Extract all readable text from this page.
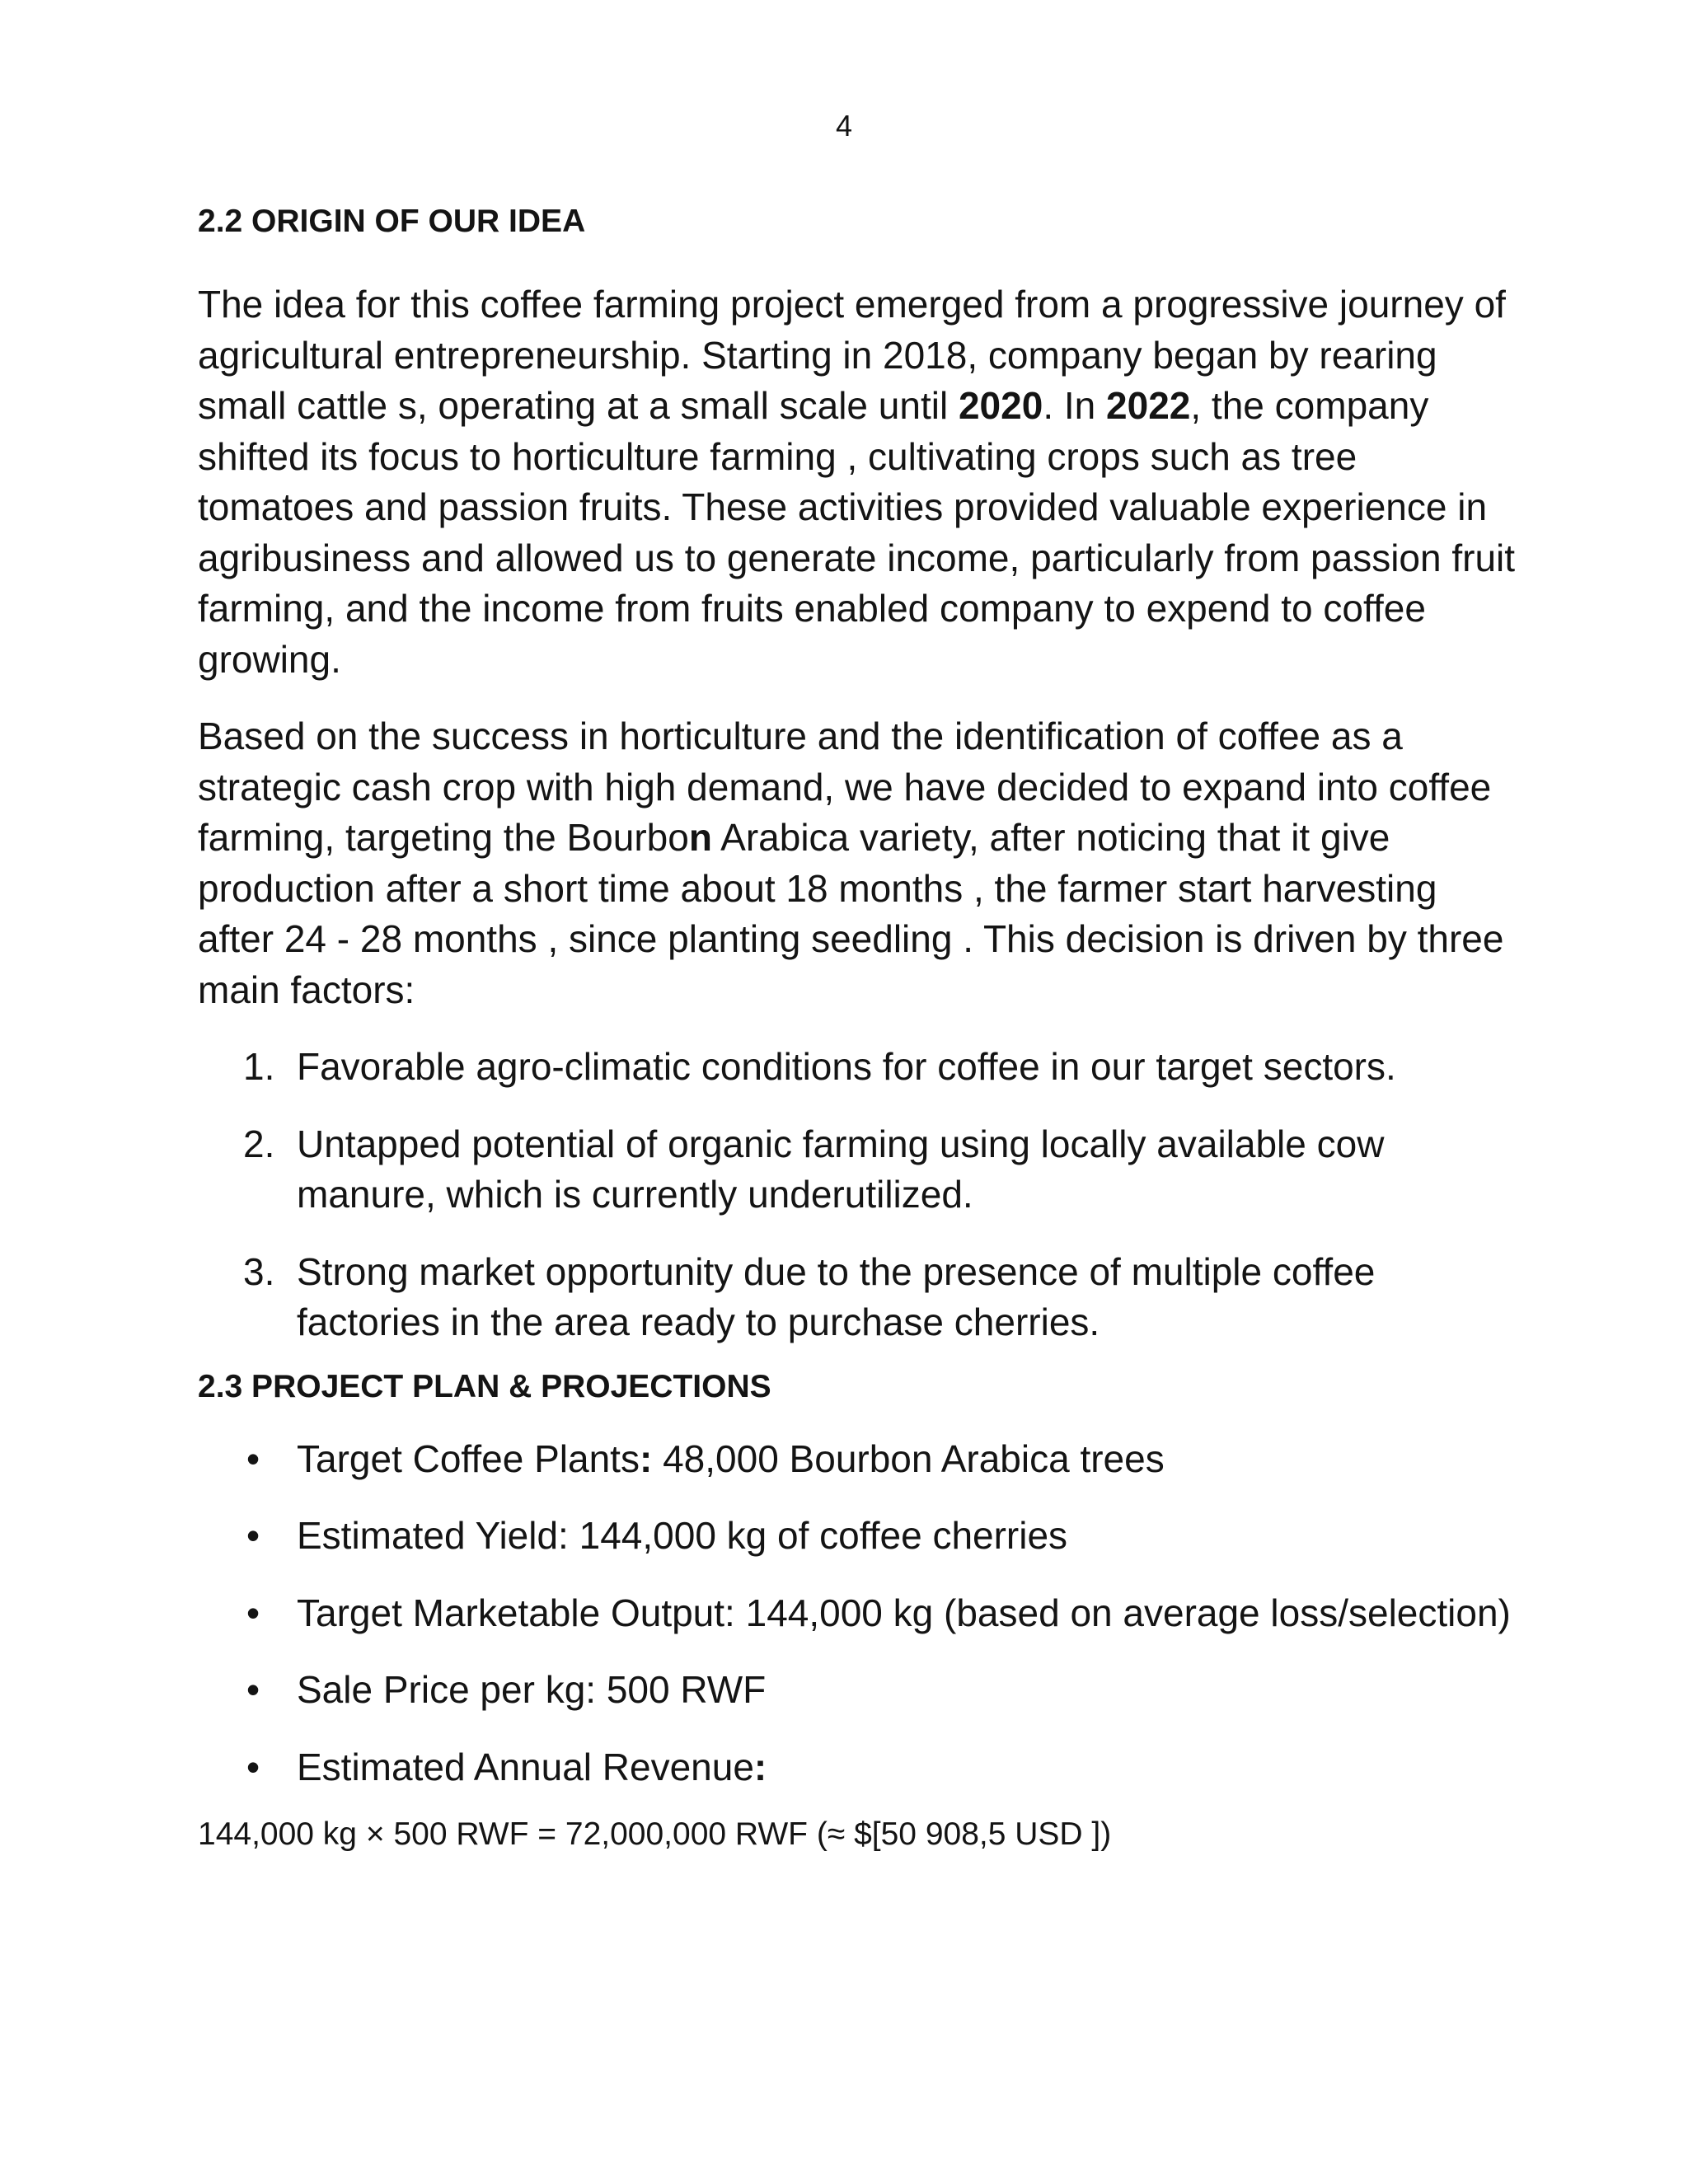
4
2.2 ORIGIN OF OUR IDEA

The idea for this coffee farming project emerged from a progressive journey of agricultural entrepreneurship. Starting in 2018, company began by rearing small cattle s, operating at a small scale until 2020. In 2022, the company shifted its focus to horticulture farming , cultivating crops such as tree tomatoes and passion fruits. These activities provided valuable experience in agribusiness and allowed us to generate income, particularly from passion fruit farming, and the income from fruits enabled company to expend to coffee growing.

Based on the success in horticulture and the identification of coffee as a strategic cash crop with high demand, we have decided to expand into coffee farming, targeting the Bourbon Arabica variety, after noticing that it give production after a short time about 18 months , the farmer start harvesting after 24 - 28 months , since planting seedling . This decision is driven by three main factors:

1. Favorable agro-climatic conditions for coffee in our target sectors.
2. Untapped potential of organic farming using locally available cow manure, which is currently underutilized.
3. Strong market opportunity due to the presence of multiple coffee factories in the area ready to purchase cherries.
2.3 PROJECT PLAN & PROJECTIONS
• Target Coffee Plants: 48,000 Bourbon Arabica trees
• Estimated Yield: 144,000 kg of coffee cherries
• Target Marketable Output: 144,000 kg (based on average loss/selection)
• Sale Price per kg: 500 RWF
• Estimated Annual Revenue:

144,000 kg × 500 RWF = 72,000,000 RWF (≈ $[50 908,5 USD ])
